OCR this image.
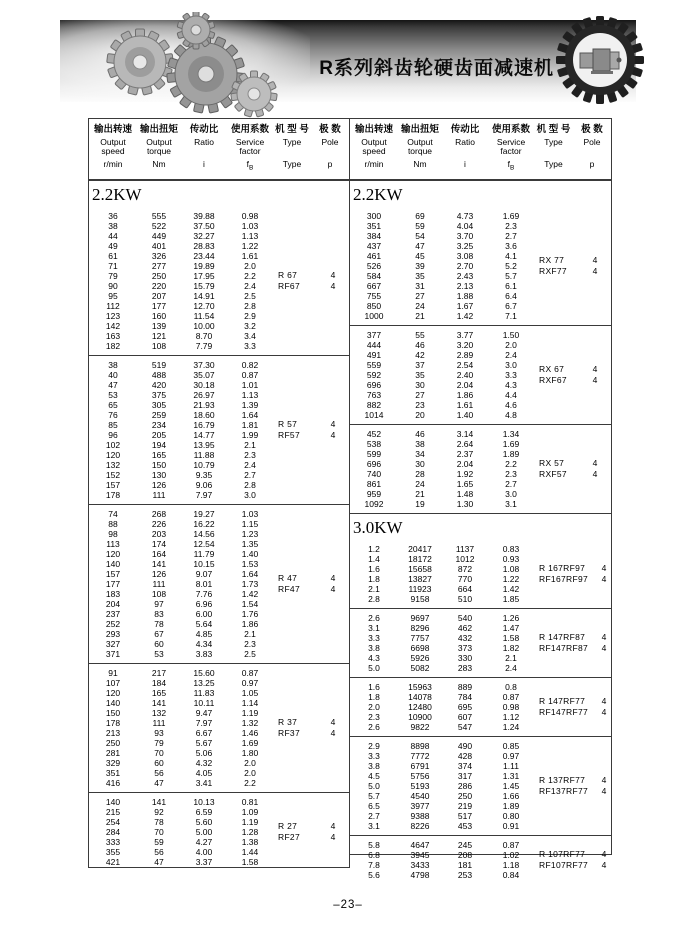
R系列斜齿轮硬齿面减速机
输出转速 输出扭矩	传动比	使用系数 机 型 号	极 数
Output speed
Output torque
Ratio	Service factor
Type	Pole
r/min	Nm	i	$f_B$	Type	p
2.2KW
36	555	39.88	0.98
38	522	37.50	1.03
44	449	32.27	1.13
49	401	28.83	1.22
61	326	23.44	1.61
71	277	19.89	2.0
79	250	17.95	2.2
90	220	15.79	2.4
95	207	14.91	2.5
112	177	12.70	2.8
123	160	11.54	2.9
142	139	10.00	3.2
163	121	8.70	3.4
182	108	7.79	3.3
R 67	4
RF67	4
38	519	37.30	0.82
40	488	35.07	0.87
47	420	30.18	1.01
53	375	26.97	1.13
65	305	21.93	1.39
76	259	18.60	1.64
85	234	16.79	1.81
96	205	14.77	1.99
102	194	13.95	2.1
120	165	11.88	2.3
132	150	10.79	2.4
152	130	9.35	2.7
157	126	9.06	2.8
178	111	7.97	3.0
R 57	4
RF57	4
74	268	19.27	1.03
88	226	16.22	1.15
98	203	14.56	1.23
113	174	12.54	1.35
120	164	11.79	1.40
140	141	10.15	1.53
157	126	9.07	1.64
177	111	8.01	1.73
183	108	7.76	1.42
204	97	6.96	1.54
237	83	6.00	1.76
252	78	5.64	1.86
293	67	4.85	2.1
327	60	4.34	2.3
371	53	3.83	2.5
R 47	4
RF47	4
91	217	15.60	0.87
107	184	13.25	0.97
120	165	11.83	1.05
140	141	10.11	1.14
150	132	9.47	1.19
178	111	7.97	1.32
213	93	6.67	1.46
250	79	5.67	1.69
281	70	5.06	1.80
329	60	4.32	2.0
351	56	4.05	2.0
416	47	3.41	2.2
R 37	4
RF37	4
140	141	10.13	0.81
215	92	6.59	1.09
254	78	5.60	1.19
284	70	5.00	1.28
333	59	4.27	1.38
355	56	4.00	1.44
421	47	3.37	1.58
R 27	4
RF27	4
输出转速 输出扭矩	传动比	使用系数 机 型 号	极 数
Output speed
Output torque
Ratio	Service factor
Type	Pole
r/min	Nm	i	$f_B$	Type	p
2.2KW
300	69	4.73	1.69
351	59	4.04	2.3
384	54	3.70	2.7
437	47	3.25	3.6
461	45	3.08	4.1
526	39	2.70	5.2
584	35	2.43	5.7
667	31	2.13	6.1
755	27	1.88	6.4
850	24	1.67	6.7
1000	21	1.42	7.1
RX 77	4
RXF77	4
377	55	3.77	1.50
444	46	3.20	2.0
491	42	2.89	2.4
559	37	2.54	3.0
592	35	2.40	3.3
696	30	2.04	4.3
763	27	1.86	4.4
882	23	1.61	4.6
1014	20	1.40	4.8
RX 67	4
RXF67	4
452	46	3.14	1.34
538	38	2.64	1.69
599	34	2.37	1.89
696	30	2.04	2.2
740	28	1.92	2.3
861	24	1.65	2.7
959	21	1.48	3.0
1092	19	1.30	3.1
RX 57	4
RXF57	4
3.0KW
1.2	20417	1137	0.83
1.4	18172	1012	0.93
1.6	15658	872	1.08
1.8	13827	770	1.22
2.1	11923	664	1.42
2.8	9158	510	1.85
R 167RF97	4
RF167RF97	4
2.6	9697	540	1.26
3.1	8296	462	1.47
3.3	7757	432	1.58
3.8	6698	373	1.82
4.3	5926	330	2.1
5.0	5082	283	2.4
R 147RF87	4
RF147RF87	4
1.6	15963	889	0.8
1.8	14078	784	0.87
2.0	12480	695	0.98
2.3	10900	607	1.12
2.6	9822	547	1.24
R 147RF77	4
RF147RF77	4
2.9	8898	490	0.85
3.3	7772	428	0.97
3.8	6791	374	1.11
4.5	5756	317	1.31
5.0	5193	286	1.45
5.7	4540	250	1.66
6.5	3977	219	1.89
2.7	9388	517	0.80
3.1	8226	453	0.91
R 137RF77	4
RF137RF77	4
5.8	4647	245	0.87
6.8	3945	208	1.02
7.8	3433	181	1.18
5.6	4798	253	0.84
R 107RF77	4
RF107RF77	4
–23–
